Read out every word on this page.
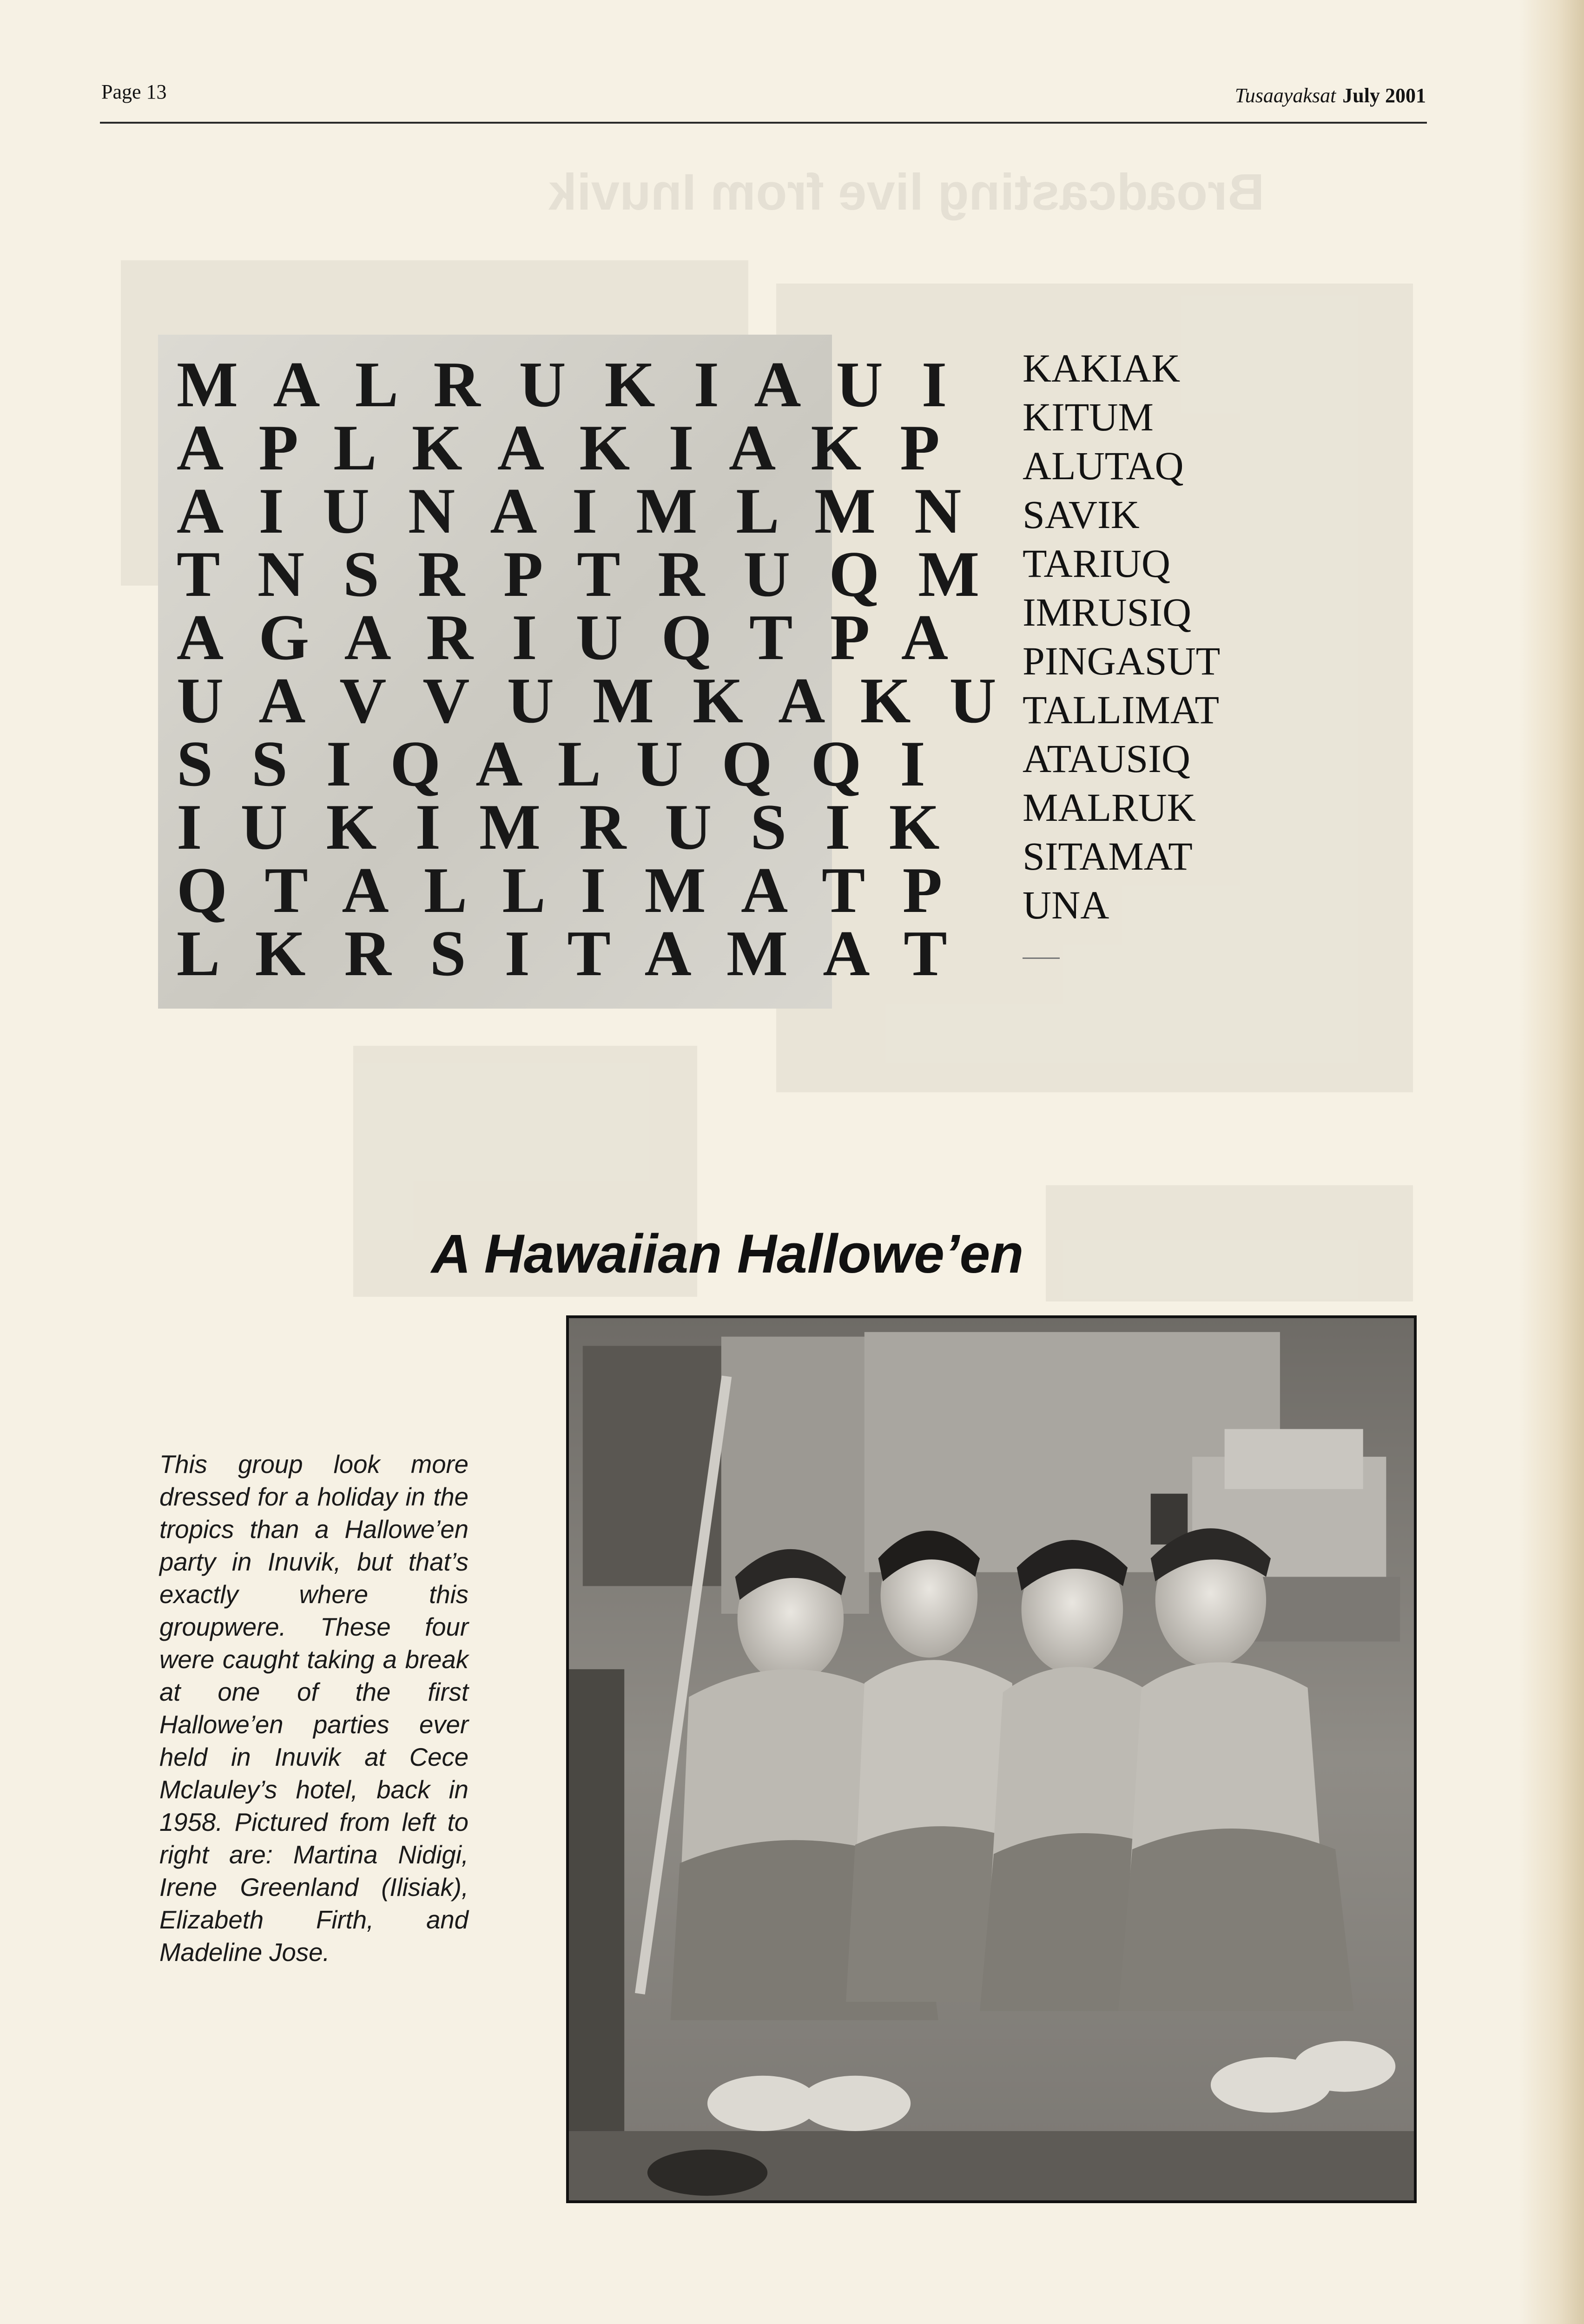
Broadcasting live from Inuvik
Page 13	Tusaayaksat July 2001
M A L R U K I A U I
A P L K A K I A K P
A I U N A I M L M N
T N S R P T R U Q M
A G A R I U Q T P A
U A V V U M K A K U
S S I Q A L U Q Q I
I U K I M R U S I K
Q T A L L I M A T P
L K R S I T A M A T
KAKIAK
KITUM
ALUTAQ
SAVIK
TARIUQ
IMRUSIQ
PINGASUT
TALLIMAT
ATAUSIQ
MALRUK
SITAMAT
UNA
A Hawaiian Hallowe’en
This group look more dressed for a holiday in the tropics than a Hallowe’en party in Inuvik, but that’s exactly where this groupwere. These four were caught taking a break at one of the first Hallowe’en parties ever held in Inuvik at Cece Mclauley’s hotel, back in 1958. Pictured from left to right are: Martina Nidigi, Irene Greenland (Ilisiak), Elizabeth Firth, and Madeline Jose.
